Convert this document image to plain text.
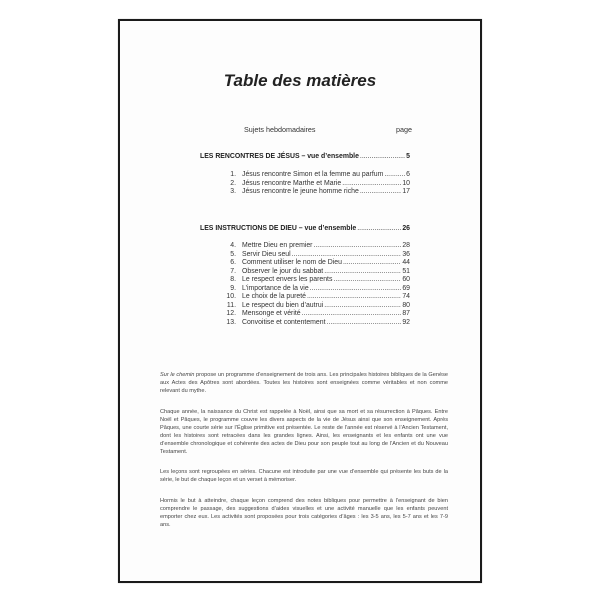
Table des matières
Sujets hebdomadaires	page
LES RENCONTRES DE JÉSUS – vue d’ensemble .....	5
1. Jésus rencontre Simon et la femme au parfum .....	6
2. Jésus rencontre Marthe et Marie .....	10
3. Jésus rencontre le jeune homme riche .....	17
LES INSTRUCTIONS DE DIEU – vue d’ensemble .....	26
4. Mettre Dieu en premier .....	28
5. Servir Dieu seul .....	36
6. Comment utiliser le nom de Dieu .....	44
7. Observer le jour du sabbat .....	51
8. Le respect envers les parents .....	60
9. L’importance de la vie .....	69
10. Le choix de la pureté .....	74
11. Le respect du bien d’autrui .....	80
12. Mensonge et vérité .....	87
13. Convoitise et contentement .....	92

Sur le chemin propose un programme d’enseignement de trois ans. Les principales histoires bibliques de la Genèse aux Actes des Apôtres sont abordées. Toutes les histoires sont enseignées comme véritables et non comme relevant du mythe.

Chaque année, la naissance du Christ est rappelée à Noël, ainsi que sa mort et sa résurrection à Pâques. Entre Noël et Pâques, le programme couvre les divers aspects de la vie de Jésus ainsi que son enseignement. Après Pâques, une courte série sur l’Église primitive est présentée. Le reste de l’année est réservé à l’Ancien Testament, dont les histoires sont retracées dans les grandes lignes. Ainsi, les enseignants et les enfants ont une vue d’ensemble chronologique et cohérente des actes de Dieu pour son peuple tout au long de l’Ancien et du Nouveau Testament.

Les leçons sont regroupées en séries. Chacune est introduite par une vue d’ensemble qui présente les buts de la série, le but de chaque leçon et un verset à mémoriser.

Hormis le but à atteindre, chaque leçon comprend des notes bibliques pour permettre à l’enseignant de bien comprendre le passage, des suggestions d’aides visuelles et une activité manuelle que les enfants peuvent emporter chez eux. Les activités sont proposées pour trois catégories d’âges : les 3-5 ans, les 5-7 ans et les 7-9 ans.
